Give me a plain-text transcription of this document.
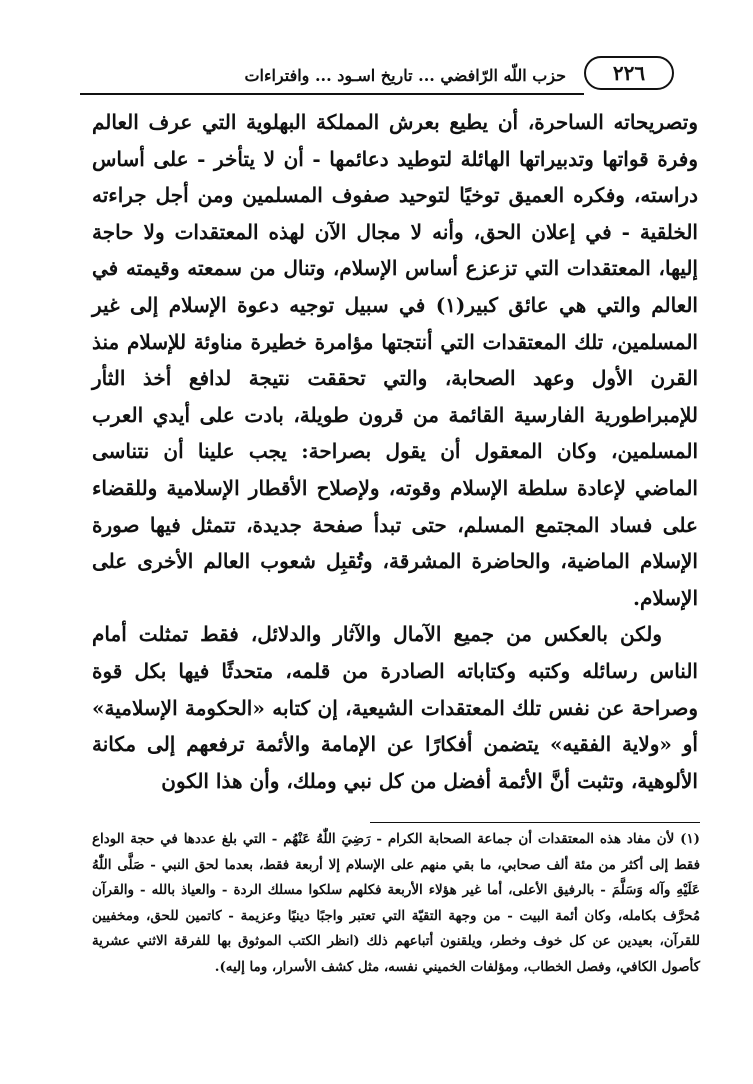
٢٢٦
حزب اللّه الرّافضي ... تاريخ اسـود ... وافتراءات

وتصريحاته الساحرة، أن يطيع بعرش المملكة البهلوية التي عرف العالم وفرة قواتها وتدبيراتها الهائلة لتوطيد دعائمها - أن لا يتأخر - على أساس دراسته، وفكره العميق توخيًا لتوحيد صفوف المسلمين ومن أجل جراءته الخلقية - في إعلان الحق، وأنه لا مجال الآن لهذه المعتقدات ولا حاجة إليها، المعتقدات التي تزعزع أساس الإسلام، وتنال من سمعته وقيمته في العالم والتي هي عائق كبير(١) في سبيل توجيه دعوة الإسلام إلى غير المسلمين، تلك المعتقدات التي أنتجتها مؤامرة خطيرة مناوئة للإسلام منذ القرن الأول وعهد الصحابة، والتي تحققت نتيجة لدافع أخذ الثأر للإمبراطورية الفارسية القائمة من قرون طويلة، بادت على أيدي العرب المسلمين، وكان المعقول أن يقول بصراحة: يجب علينا أن نتناسى الماضي لإعادة سلطة الإسلام وقوته، ولإصلاح الأقطار الإسلامية وللقضاء على فساد المجتمع المسلم، حتى تبدأ صفحة جديدة، تتمثل فيها صورة الإسلام الماضية، والحاضرة المشرقة، وتُقبِل شعوب العالم الأخرى على الإسلام.

ولكن بالعكس من جميع الآمال والآثار والدلائل، فقط تمثلت أمام الناس رسائله وكتبه وكتاباته الصادرة من قلمه، متحدثًا فيها بكل قوة وصراحة عن نفس تلك المعتقدات الشيعية، إن كتابه «الحكومة الإسلامية» أو «ولاية الفقيه» يتضمن أفكارًا عن الإمامة والأئمة ترفعهم إلى مكانة الألوهية، وتثبت أنَّ الأئمة أفضل من كل نبي وملك، وأن هذا الكون

(١) لأن مفاد هذه المعتقدات أن جماعة الصحابة الكرام - رَضِيَ اللّٰهُ عَنْهُم - التي بلغ عددها في حجة الوداع فقط إلى أكثر من مئة ألف صحابي، ما بقي منهم على الإسلام إلا أربعة فقط، بعدما لحق النبي - صَلَّى اللّٰهُ عَلَيْهِ وآله وَسَلَّمَ - بالرفيق الأعلى، أما غير هؤلاء الأربعة فكلهم سلكوا مسلك الردة - والعياذ بالله - والقرآن مُحرَّف بكامله، وكان أئمة البيت - من وجهة التقيّة التي تعتبر واجبًا دينيًا وعزيمة - كاتمين للحق، ومخفيين للقرآن، بعيدين عن كل خوف وخطر، ويلقنون أتباعهم ذلك (انظر الكتب الموثوق بها للفرقة الاثني عشرية كأصول الكافي، وفصل الخطاب، ومؤلفات الخميني نفسه، مثل كشف الأسرار، وما إليه).
